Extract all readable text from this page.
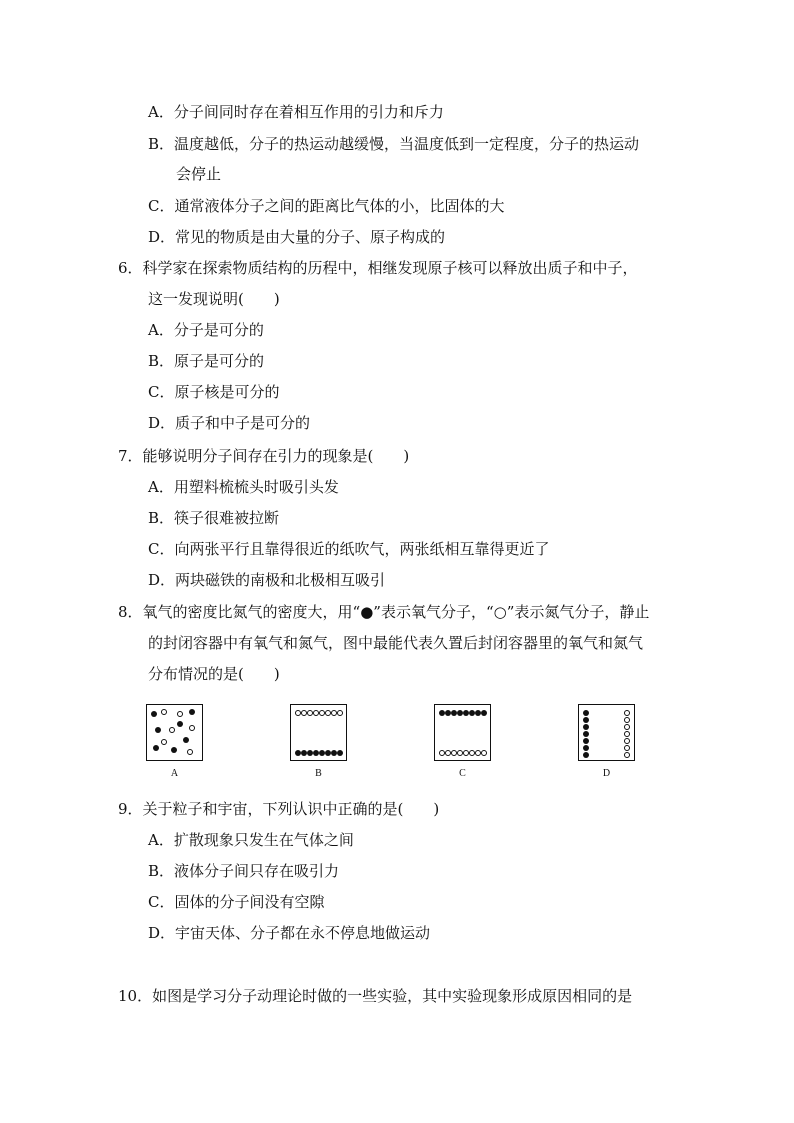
A．分子间同时存在着相互作用的引力和斥力
B．温度越低，分子的热运动越缓慢，当温度低到一定程度，分子的热运动
会停止
C．通常液体分子之间的距离比气体的小，比固体的大
D．常见的物质是由大量的分子、原子构成的
6．科学家在探索物质结构的历程中，相继发现原子核可以释放出质子和中子，
这一发现说明(　　)
A．分子是可分的
B．原子是可分的
C．原子核是可分的
D．质子和中子是可分的
7．能够说明分子间存在引力的现象是(　　)
A．用塑料梳梳头时吸引头发
B．筷子很难被拉断
C．向两张平行且靠得很近的纸吹气，两张纸相互靠得更近了
D．两块磁铁的南极和北极相互吸引
8．氧气的密度比氮气的密度大，用“●”表示氧气分子，“○”表示氮气分子，静止
的封闭容器中有氧气和氮气，图中最能代表久置后封闭容器里的氧气和氮气
分布情况的是(　　)
A	B	C	D
9．关于粒子和宇宙，下列认识中正确的是(　　)
A．扩散现象只发生在气体之间
B．液体分子间只存在吸引力
C．固体的分子间没有空隙
D．宇宙天体、分子都在永不停息地做运动
10．如图是学习分子动理论时做的一些实验，其中实验现象形成原因相同的是
